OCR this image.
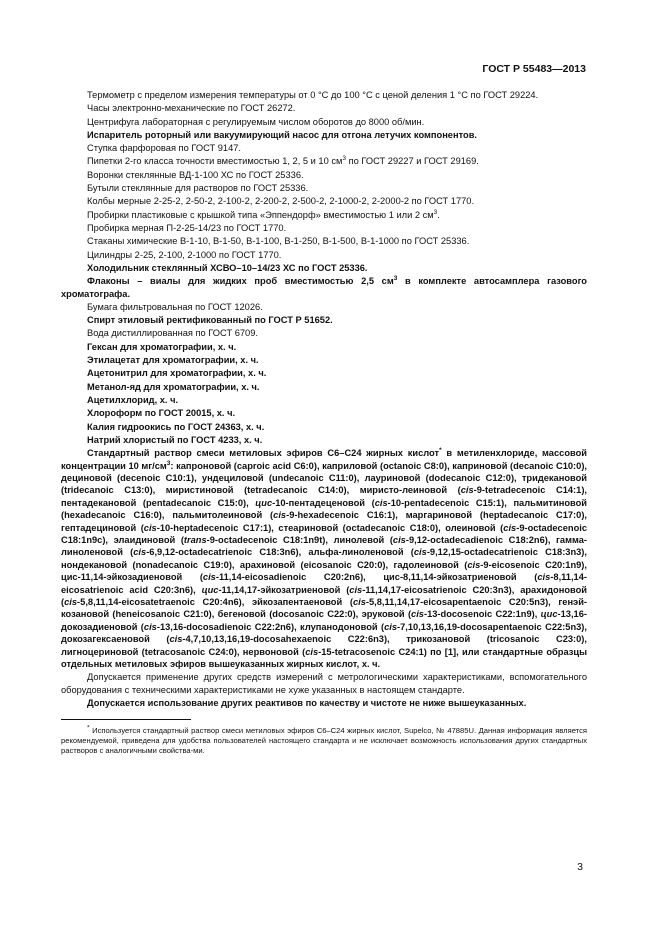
ГОСТ Р 55483—2013
Термометр с пределом измерения температуры от 0 °С до 100 °С с ценой деления 1 °С по ГОСТ 29224.
Часы электронно-механические по ГОСТ 26272.
Центрифуга лабораторная с регулируемым числом оборотов до 8000 об/мин.
Испаритель роторный или вакуумирующий насос для отгона летучих компонентов.
Ступка фарфоровая по ГОСТ 9147.
Пипетки 2-го класса точности вместимостью 1, 2, 5 и 10 $см^3$ по ГОСТ 29227 и ГОСТ 29169.
Воронки стеклянные ВД-1-100 ХС по ГОСТ 25336.
Бутыли стеклянные для растворов по ГОСТ 25336.
Колбы мерные 2-25-2, 2-50-2, 2-100-2, 2-200-2, 2-500-2, 2-1000-2, 2-2000-2 по ГОСТ 1770.
Пробирки пластиковые с крышкой типа «Эппендорф» вместимостью 1 или 2 $см^3$.
Пробирка мерная П-2-25-14/23 по ГОСТ 1770.
Стаканы химические В-1-10, В-1-50, В-1-100, В-1-250, В-1-500, В-1-1000 по ГОСТ 25336.
Цилиндры 2-25, 2-100, 2-1000 по ГОСТ 1770.
Холодильник стеклянный ХСВО–10–14/23 ХС по ГОСТ 25336.
Флаконы – виалы для жидких проб вместимостью 2,5 $см^3$ в комплекте автосамплера газового хроматографа.
Бумага фильтровальная по ГОСТ 12026.
Спирт этиловый ректификованный по ГОСТ Р 51652.
Вода дистиллированная по ГОСТ 6709.
Гексан для хроматографии, х. ч.
Этилацетат для хроматографии, х. ч.
Ацетонитрил для хроматографии, х. ч.
Метанол-яд для хроматографии, х. ч.
Ацетилхлорид, х. ч.
Хлороформ по ГОСТ 20015, х. ч.
Калия гидроокись по ГОСТ 24363, х. ч.
Натрий хлористый по ГОСТ 4233, х. ч.
Стандартный раствор смеси метиловых эфиров С6–С24 жирных кислот* в метиленхлориде, массовой концентрации 10 $мг/см^3$: капроновой (caproic acid C6:0), каприловой (octanoic C8:0), каприновой (decanoic C10:0), дециновой (decenoic C10:1), ундециловой (undecanoic C11:0), лауриновой (dodecanoic C12:0), тридекановой (tridecanoic C13:0), миристиновой (tetradecanoic C14:0), миристо-леиновой (cis-9-tetradecenoic C14:1), пентадекановой (pentadecanoic C15:0), цис-10-пентадеценовой (cis-10-pentadecenoic C15:1), пальмитиновой (hexadecanoic C16:0), пальмитолеиновой (cis-9-hexadecenoic C16:1), маргариновой (heptadecanoic C17:0), гептадециновой (cis-10-heptadecenoic C17:1), стеариновой (octadecanoic C18:0), олеиновой (cis-9-octadecenoic C18:1n9c), элаидиновой (trans-9-octadecenoic C18:1n9t), линолевой (cis-9,12-octadecadienoic C18:2n6), гамма-линоленовой (cis-6,9,12-octadecatrienoic C18:3n6), альфа-линоленовой (cis-9,12,15-octadecatrienoic C18:3n3), нондекановой (nonadecanoic C19:0), арахиновой (eicosanoic C20:0), гадолеиновой (cis-9-eicosenoic C20:1n9), цис-11,14-эйкозадиеновой (cis-11,14-eicosadienoic C20:2n6), цис-8,11,14-эйкозатриеновой (cis-8,11,14-eicosatrienoic acid C20:3n6), цис-11,14,17-эйкозатриеновой (cis-11,14,17-eicosatrienoic C20:3n3), арахидоновой (cis-5,8,11,14-eicosatetraenoic C20:4n6), эйкозапентаеновой (cis-5,8,11,14,17-eicosapentaenoic C20:5n3), генэй- козановой (heneicosanoic C21:0), бегеновой (docosanoic C22:0), эруковой (cis-13-docosenoic C22:1n9), цис-13,16-докозадиеновой (cis-13,16-docosadienoic C22:2n6), клупанодоновой (cis-7,10,13,16,19-docosapentaenoic C22:5n3), докозагексаеновой (cis-4,7,10,13,16,19-docosahexaenoic C22:6n3), трикозановой (tricosanoic C23:0), лигноцериновой (tetracosanoic C24:0), нервоновой (cis-15-tetracosenoic C24:1) по [1], или стандартные образцы отдельных метиловых эфиров вышеуказанных жирных кислот, х. ч.
Допускается применение других средств измерений с метрологическими характеристиками, вспомогательного оборудования с техническими характеристиками не хуже указанных в настоящем стандарте.
Допускается использование других реактивов по качеству и чистоте не ниже вышеуказанных.
* Используется стандартный раствор смеси метиловых эфиров С6–С24 жирных кислот, Supelco, № 47885U. Данная информация является рекомендуемой, приведена для удобства пользователей настоящего стандарта и не исключает возможность использования других стандартных растворов с аналогичными свойства-ми.
3
